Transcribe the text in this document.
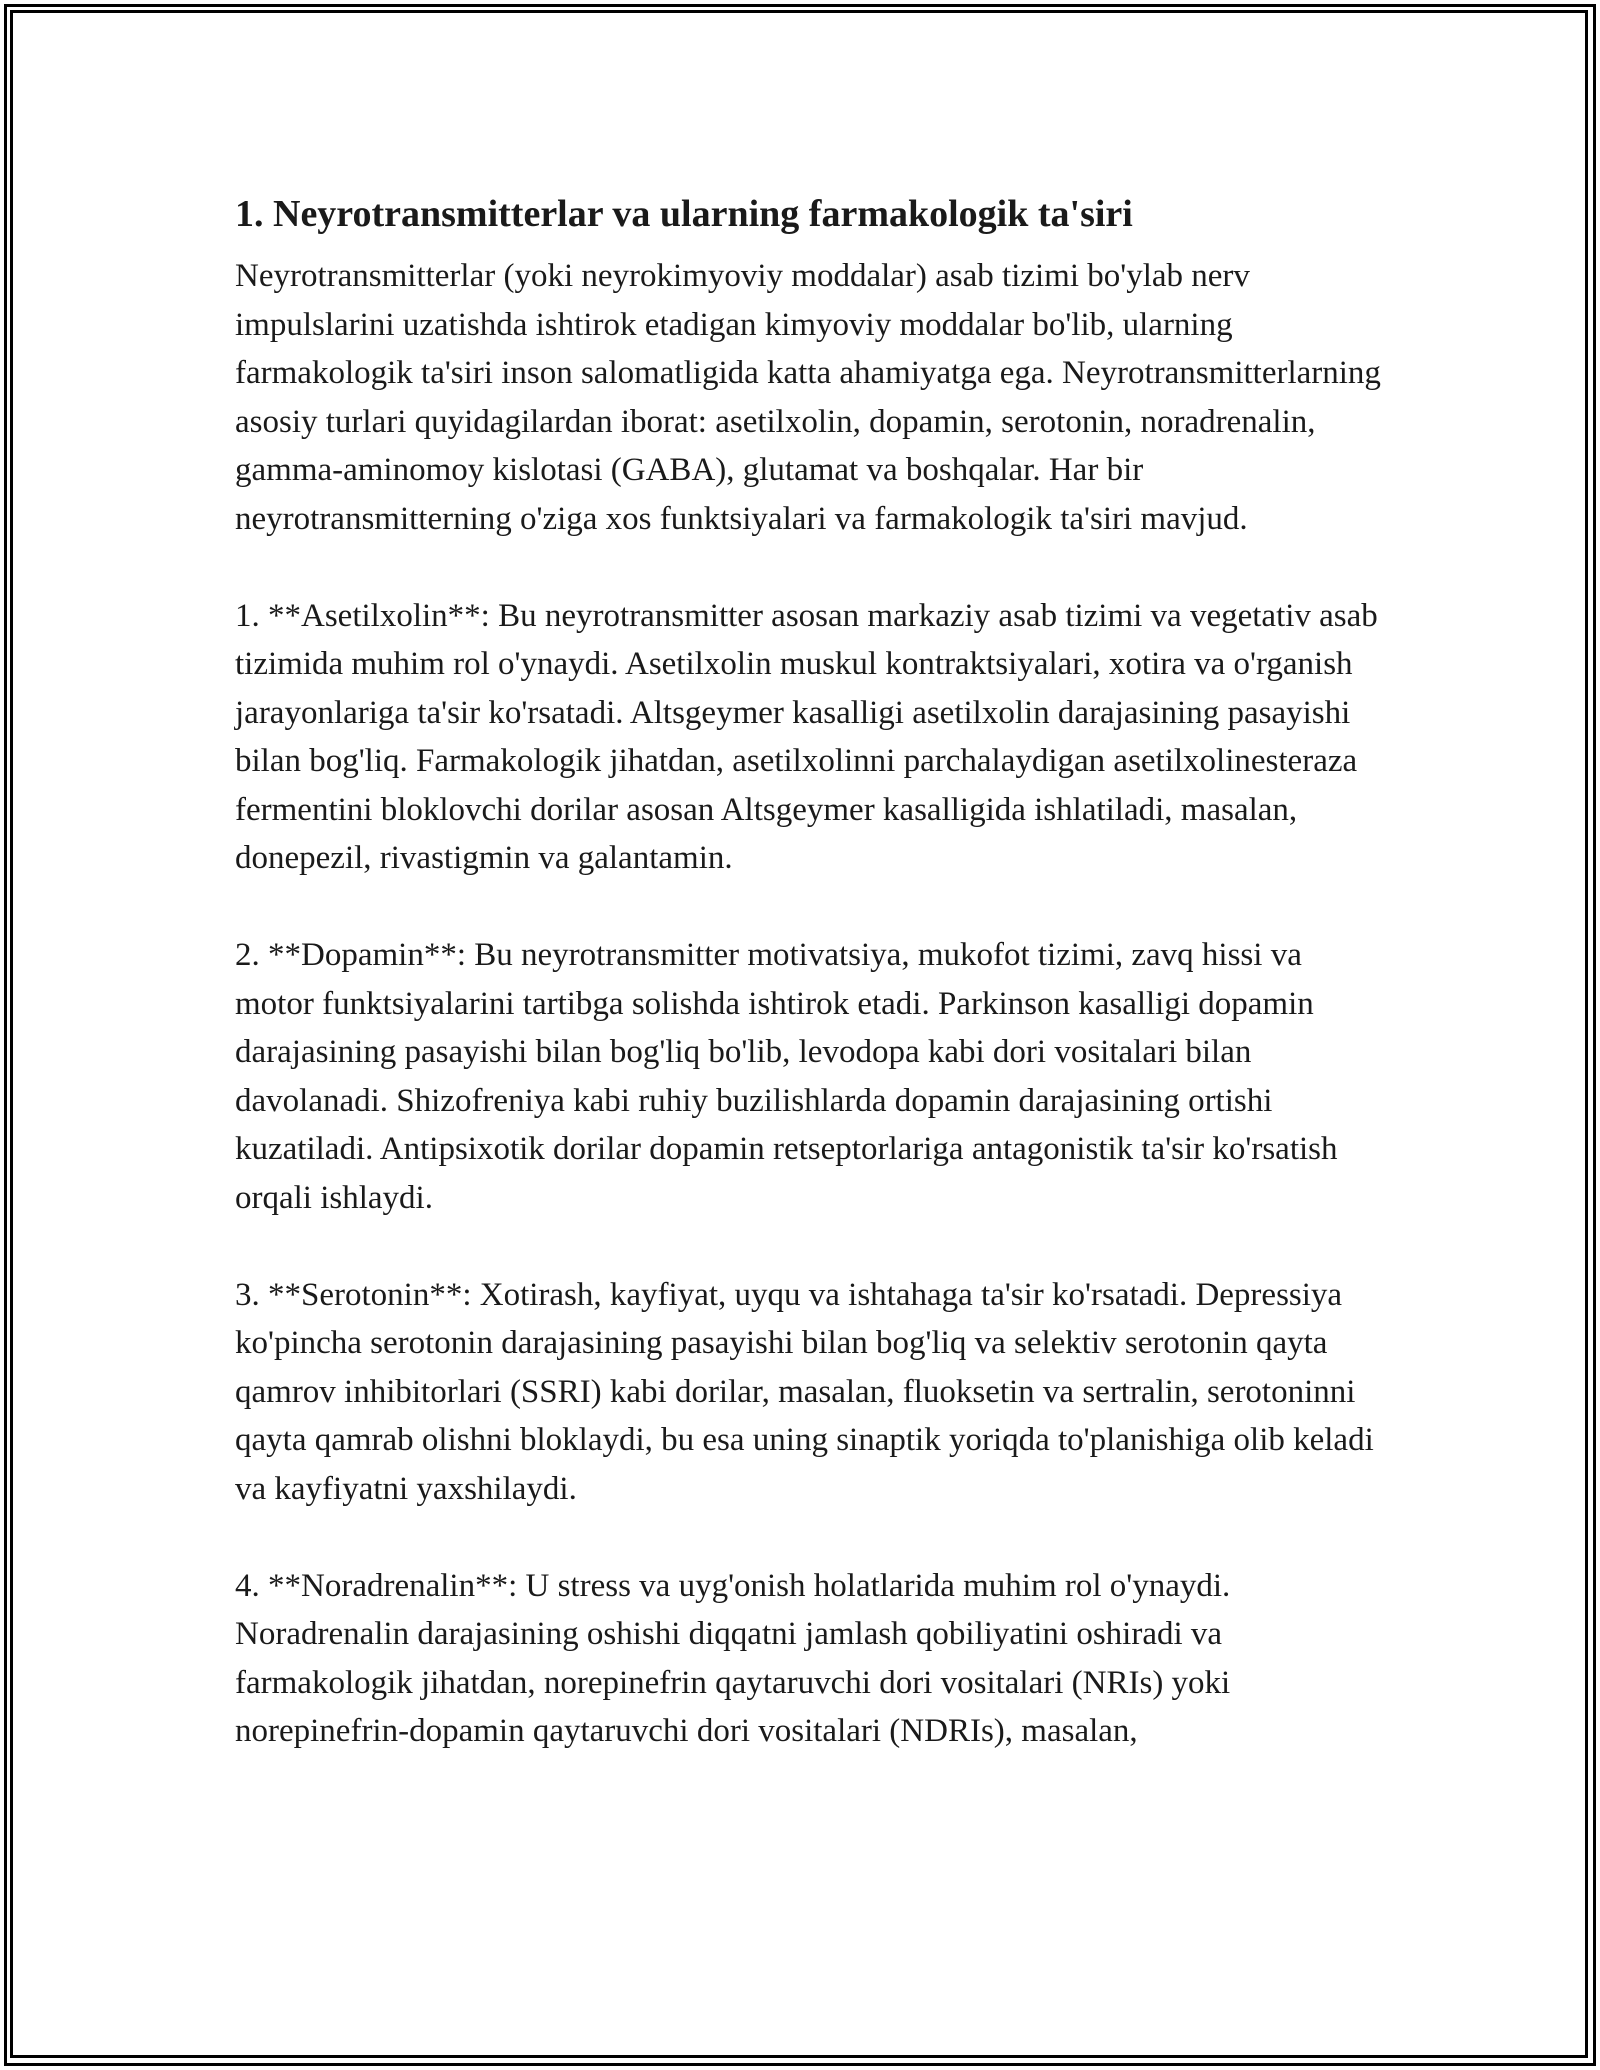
1. Neyrotransmitterlar va ularning farmakologik ta'siri

Neyrotransmitterlar (yoki neyrokimyoviy moddalar) asab tizimi bo'ylab nerv impulslarini uzatishda ishtirok etadigan kimyoviy moddalar bo'lib, ularning farmakologik ta'siri inson salomatligida katta ahamiyatga ega. Neyrotransmitterlarning asosiy turlari quyidagilardan iborat: asetilxolin, dopamin, serotonin, noradrenalin, gamma-aminomoy kislotasi (GABA), glutamat va boshqalar. Har bir neyrotransmitterning o'ziga xos funktsiyalari va farmakologik ta'siri mavjud.

1. **Asetilxolin**: Bu neyrotransmitter asosan markaziy asab tizimi va vegetativ asab tizimida muhim rol o'ynaydi. Asetilxolin muskul kontraktsiyalari, xotira va o'rganish jarayonlariga ta'sir ko'rsatadi. Altsgeymer kasalligi asetilxolin darajasining pasayishi bilan bog'liq. Farmakologik jihatdan, asetilxolinni parchalaydigan asetilxolinesteraza fermentini bloklovchi dorilar asosan Altsgeymer kasalligida ishlatiladi, masalan, donepezil, rivastigmin va galantamin.

2. **Dopamin**: Bu neyrotransmitter motivatsiya, mukofot tizimi, zavq hissi va motor funktsiyalarini tartibga solishda ishtirok etadi. Parkinson kasalligi dopamin darajasining pasayishi bilan bog'liq bo'lib, levodopa kabi dori vositalari bilan davolanadi. Shizofreniya kabi ruhiy buzilishlarda dopamin darajasining ortishi kuzatiladi. Antipsixotik dorilar dopamin retseptorlariga antagonistik ta'sir ko'rsatish orqali ishlaydi.

3. **Serotonin**: Xotirash, kayfiyat, uyqu va ishtahaga ta'sir ko'rsatadi. Depressiya ko'pincha serotonin darajasining pasayishi bilan bog'liq va selektiv serotonin qayta qamrov inhibitorlari (SSRI) kabi dorilar, masalan, fluoksetin va sertralin, serotoninni qayta qamrab olishni bloklaydi, bu esa uning sinaptik yoriqda to'planishiga olib keladi va kayfiyatni yaxshilaydi.

4. **Noradrenalin**: U stress va uyg'onish holatlarida muhim rol o'ynaydi. Noradrenalin darajasining oshishi diqqatni jamlash qobiliyatini oshiradi va farmakologik jihatdan, norepinefrin qaytaruvchi dori vositalari (NRIs) yoki norepinefrin-dopamin qaytaruvchi dori vositalari (NDRIs), masalan,
